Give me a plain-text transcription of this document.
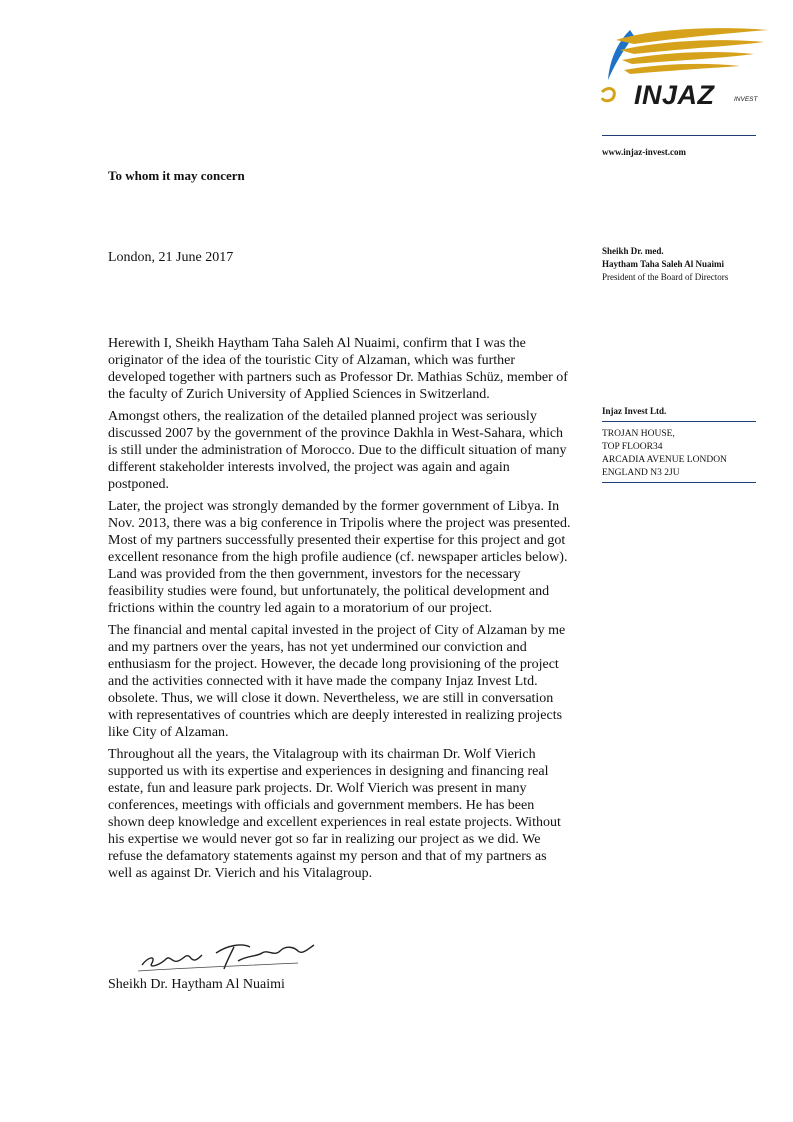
INJAZ	INVEST
www.injaz-invest.com
Sheikh Dr. med.
Haytham Taha Saleh Al Nuaimi
President of the Board of Directors
Injaz Invest Ltd.
TROJAN HOUSE,
TOP FLOOR34
ARCADIA AVENUE LONDON
ENGLAND N3 2JU
To whom it may concern
London, 21 June 2017

Herewith I, Sheikh Haytham Taha Saleh Al Nuaimi, confirm that I was the originator of the idea of the touristic City of Alzaman, which was further developed together with partners such as Professor Dr. Mathias Schüz, member of the faculty of Zurich University of Applied Sciences in Switzerland.

Amongst others, the realization of the detailed planned project was seriously discussed 2007 by the government of the province Dakhla in West-Sahara, which is still under the administration of Morocco. Due to the difficult situation of many different stakeholder interests involved, the project was again and again postponed.

Later, the project was strongly demanded by the former government of Libya. In Nov. 2013, there was a big conference in Tripolis where the project was presented. Most of my partners successfully presented their expertise for this project and got excellent resonance from the high profile audience (cf. newspaper articles below). Land was provided from the then government, investors for the necessary feasibility studies were found, but unfortunately, the political development and frictions within the country led again to a moratorium of our project.

The financial and mental capital invested in the project of City of Alzaman by me and my partners over the years, has not yet undermined our conviction and enthusiasm for the project. However, the decade long provisioning of the project and the activities connected with it have made the company Injaz Invest Ltd. obsolete. Thus, we will close it down. Nevertheless, we are still in conversation with representatives of countries which are deeply interested in realizing projects like City of Alzaman.

Throughout all the years, the Vitalagroup with its chairman Dr. Wolf Vierich supported us with its expertise and experiences in designing and financing real estate, fun and leasure park projects. Dr. Wolf Vierich was present in many conferences, meetings with officials and government members. He has been shown deep knowledge and excellent experiences in real estate projects. Without his expertise we would never got so far in realizing our project as we did. We refuse the defamatory statements against my person and that of my partners as well as against Dr. Vierich and his Vitalagroup.

Sheikh Dr. Haytham Al Nuaimi
